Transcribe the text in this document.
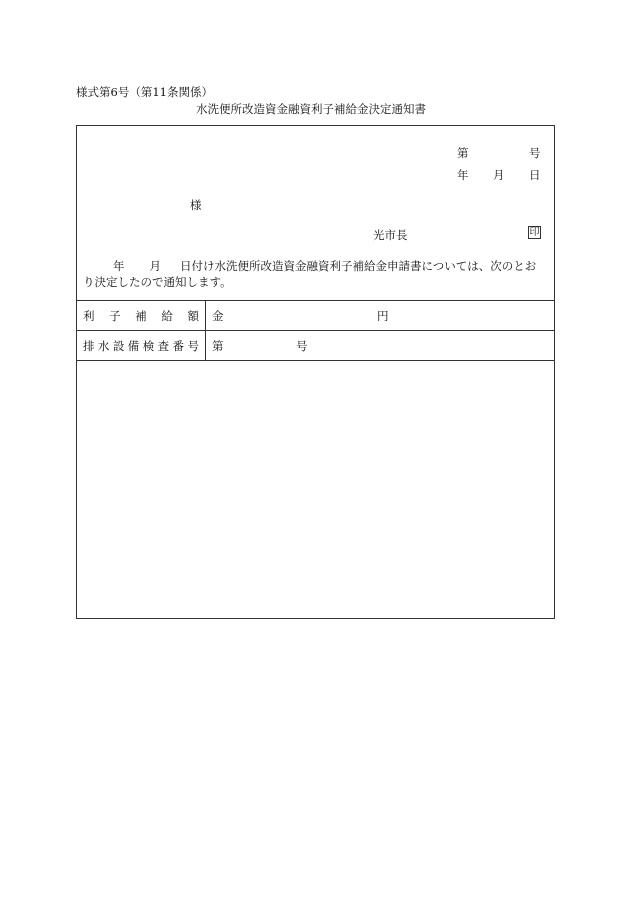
様式第6号（第11条関係）
水洗便所改造資金融資利子補給金決定通知書
第	号
年 月 日
様
光市長	印
年 月 日付け水洗便所改造資金融資利子補給金申請書については、次のとお
り決定したので通知します。
利 子 補 給 額 金	円
排 水 設 備 検 査 番 号 第	号
